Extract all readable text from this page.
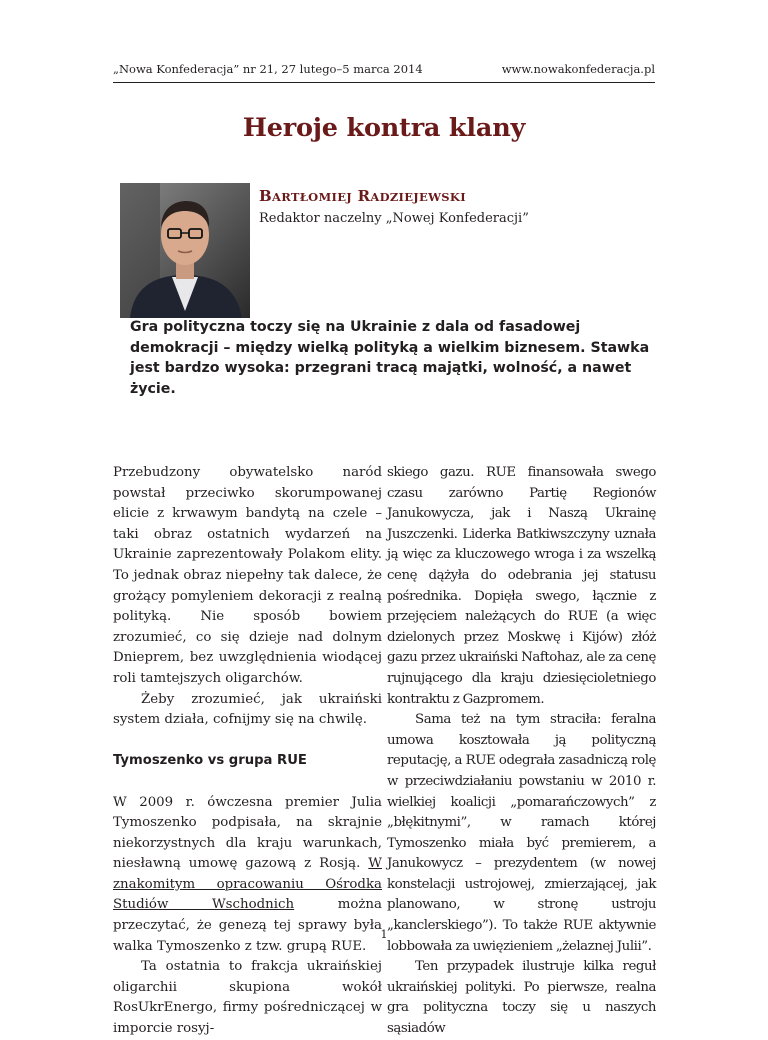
„Nowa Konfederacja” nr 21, 27 lutego–5 marca 2014	www.nowakonfederacja.pl
Heroje kontra klany
BARTŁOMIEJ RADZIEJEWSKI
Redaktor naczelny „Nowej Konfederacji”
Gra polityczna toczy się na Ukrainie z dala od fasadowej demokracji – między wielką polityką a wielkim biznesem. Stawka jest bardzo wysoka: przegrani tracą majątki, wolność, a nawet życie.

Przebudzony obywatelsko naród powstał przeciwko skorumpowanej elicie z krwawym bandytą na czele – taki obraz ostatnich wydarzeń na Ukrainie zaprezentowały Polakom elity. To jednak obraz niepełny tak dalece, że grożący pomyleniem dekoracji z realną polityką. Nie sposób bowiem zrozumieć, co się dzieje nad dolnym Dnieprem, bez uwzględnienia wiodącej roli tamtejszych oligarchów.

Żeby zrozumieć, jak ukraiński system działa, cofnijmy się na chwilę.

Tymoszenko vs grupa RUE

W 2009 r. ówczesna premier Julia Tymoszenko podpisała, na skrajnie niekorzystnych dla kraju warunkach, niesławną umowę gazową z Rosją. W znakomitym opracowaniu Ośrodka Studiów Wschodnich można przeczytać, że genezą tej sprawy była walka Tymoszenko z tzw. grupą RUE.

Ta ostatnia to frakcja ukraińskiej oligarchii skupiona wokół RosUkrEnergo, firmy pośredniczącej w imporcie rosyj-

skiego gazu. RUE finansowała swego czasu zarówno Partię Regionów Janukowycza, jak i Naszą Ukrainę Juszczenki. Liderka Batkiwszczyny uznała ją więc za kluczowego wroga i za wszelką cenę dążyła do odebrania jej statusu pośrednika. Dopięła swego, łącznie z przejęciem należących do RUE (a więc dzielonych przez Moskwę i Kijów) złóż gazu przez ukraiński Naftohaz, ale za cenę rujnującego dla kraju dziesięcioletniego kontraktu z Gazpromem.

Sama też na tym straciła: feralna umowa kosztowała ją polityczną reputację, a RUE odegrała zasadniczą rolę w przeciwdziałaniu powstaniu w 2010 r. wielkiej koalicji „pomarańczowych” z „błękitnymi”, w ramach której Tymoszenko miała być premierem, a Janukowycz – prezydentem (w nowej konstelacji ustrojowej, zmierzającej, jak planowano, w stronę ustroju „kanclerskiego”). To także RUE aktywnie lobbowała za uwięzieniem „żelaznej Julii”.

Ten przypadek ilustruje kilka reguł ukraińskiej polityki. Po pierwsze, realna gra polityczna toczy się u naszych sąsiadów

1
